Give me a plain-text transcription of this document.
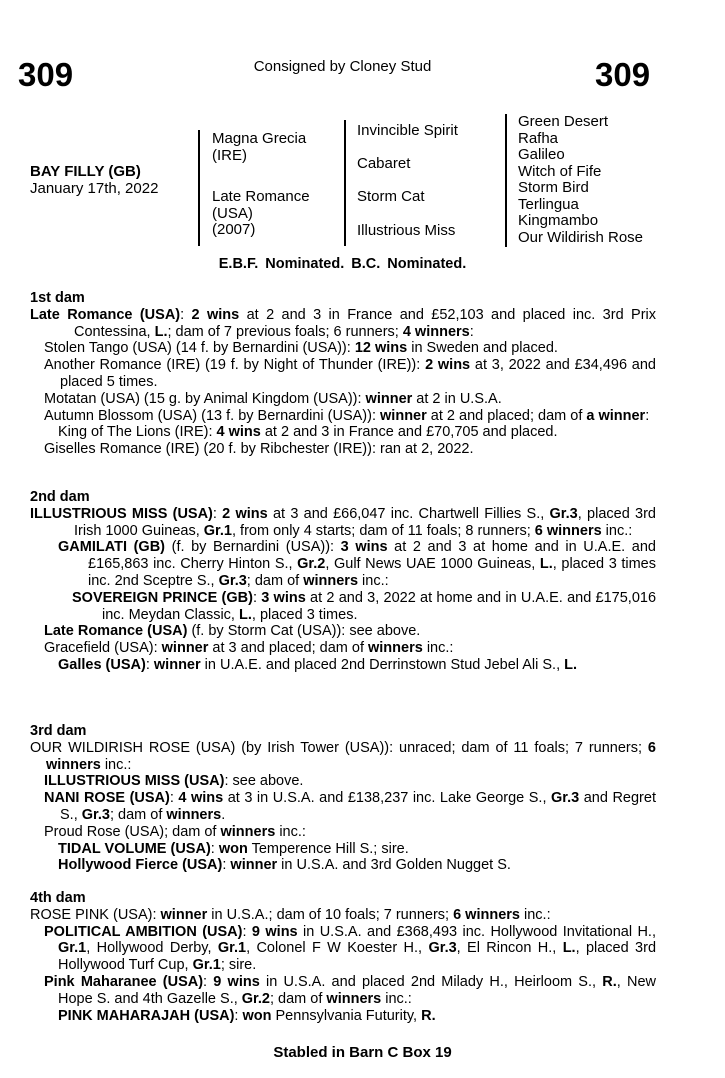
309	Consigned by Cloney Stud	309
BAY FILLY (GB)
January 17th, 2022
Magna Grecia
(IRE)
Late Romance
(USA)
(2007)
Invincible Spirit
Cabaret
Storm Cat
Illustrious Miss
Green Desert
Rafha
Galileo
Witch of Fife
Storm Bird
Terlingua
Kingmambo
Our Wildirish Rose
E.B.F. Nominated. B.C. Nominated.

1st dam

Late Romance (USA): 2 wins at 2 and 3 in France and £52,103 and placed inc. 3rd Prix Contessina, L.; dam of 7 previous foals; 6 runners; 4 winners:

Stolen Tango (USA) (14 f. by Bernardini (USA)): 12 wins in Sweden and placed.

Another Romance (IRE) (19 f. by Night of Thunder (IRE)): 2 wins at 3, 2022 and £34,496 and placed 5 times.

Motatan (USA) (15 g. by Animal Kingdom (USA)): winner at 2 in U.S.A.

Autumn Blossom (USA) (13 f. by Bernardini (USA)): winner at 2 and placed; dam of a winner:

King of The Lions (IRE): 4 wins at 2 and 3 in France and £70,705 and placed.

Giselles Romance (IRE) (20 f. by Ribchester (IRE)): ran at 2, 2022.

2nd dam

ILLUSTRIOUS MISS (USA): 2 wins at 3 and £66,047 inc. Chartwell Fillies S., Gr.3, placed 3rd Irish 1000 Guineas, Gr.1, from only 4 starts; dam of 11 foals; 8 runners; 6 winners inc.:

GAMILATI (GB) (f. by Bernardini (USA)): 3 wins at 2 and 3 at home and in U.A.E. and £165,863 inc. Cherry Hinton S., Gr.2, Gulf News UAE 1000 Guineas, L., placed 3 times inc. 2nd Sceptre S., Gr.3; dam of winners inc.:

SOVEREIGN PRINCE (GB): 3 wins at 2 and 3, 2022 at home and in U.A.E. and £175,016 inc. Meydan Classic, L., placed 3 times.

Late Romance (USA) (f. by Storm Cat (USA)): see above.

Gracefield (USA): winner at 3 and placed; dam of winners inc.:

Galles (USA): winner in U.A.E. and placed 2nd Derrinstown Stud Jebel Ali S., L.

3rd dam

OUR WILDIRISH ROSE (USA) (by Irish Tower (USA)): unraced; dam of 11 foals; 7 runners; 6 winners inc.:

ILLUSTRIOUS MISS (USA): see above.

NANI ROSE (USA): 4 wins at 3 in U.S.A. and £138,237 inc. Lake George S., Gr.3 and Regret S., Gr.3; dam of winners.

Proud Rose (USA); dam of winners inc.:

TIDAL VOLUME (USA): won Temperence Hill S.; sire.

Hollywood Fierce (USA): winner in U.S.A. and 3rd Golden Nugget S.

4th dam

ROSE PINK (USA): winner in U.S.A.; dam of 10 foals; 7 runners; 6 winners inc.:

POLITICAL AMBITION (USA): 9 wins in U.S.A. and £368,493 inc. Hollywood Invitational H., Gr.1, Hollywood Derby, Gr.1, Colonel F W Koester H., Gr.3, El Rincon H., L., placed 3rd Hollywood Turf Cup, Gr.1; sire.

Pink Maharanee (USA): 9 wins in U.S.A. and placed 2nd Milady H., Heirloom S., R., New Hope S. and 4th Gazelle S., Gr.2; dam of winners inc.:

PINK MAHARAJAH (USA): won Pennsylvania Futurity, R.

Stabled in Barn C Box 19
